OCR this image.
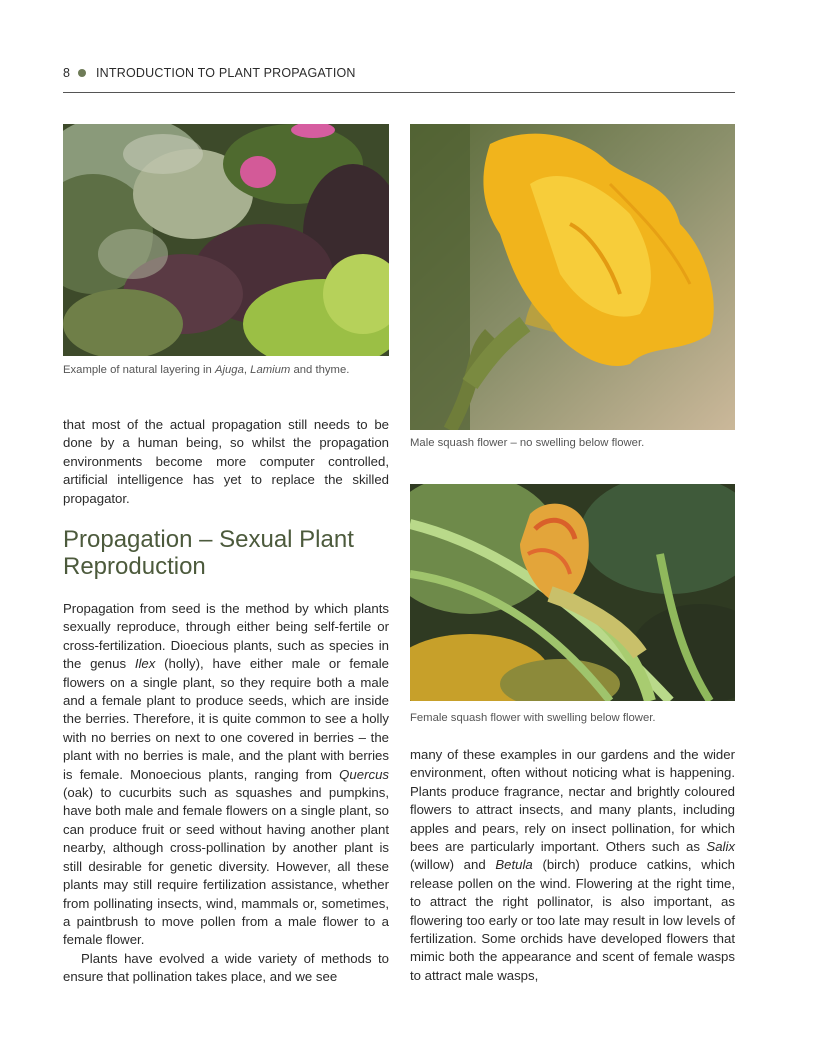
8 INTRODUCTION TO PLANT PROPAGATION
Example of natural layering in Ajuga, Lamium and thyme.
Male squash flower – no swelling below flower.

that most of the actual propagation still needs to be done by a human being, so whilst the propagation environments become more computer controlled, artificial intelligence has yet to replace the skilled propagator.

Propagation – Sexual Plant Reproduction
Female squash flower with swelling below flower.

Propagation from seed is the method by which plants sexually reproduce, through either being self-fertile or cross-fertilization. Dioecious plants, such as species in the genus Ilex (holly), have either male or female flowers on a single plant, so they require both a male and a female plant to produce seeds, which are inside the berries. Therefore, it is quite common to see a holly with no berries on next to one covered in berries – the plant with no berries is male, and the plant with berries is female. Monoecious plants, ranging from Quercus (oak) to cucurbits such as squashes and pumpkins, have both male and female flowers on a single plant, so can produce fruit or seed without having another plant nearby, although cross-pollination by another plant is still desirable for genetic diversity. However, all these plants may still require fertilization assistance, whether from pollinating insects, wind, mammals or, sometimes, a paintbrush to move pollen from a male flower to a female flower.

Plants have evolved a wide variety of methods to ensure that pollination takes place, and we see

many of these examples in our gardens and the wider environment, often without noticing what is happening. Plants produce fragrance, nectar and brightly coloured flowers to attract insects, and many plants, including apples and pears, rely on insect pollination, for which bees are particularly important. Others such as Salix (willow) and Betula (birch) produce catkins, which release pollen on the wind. Flowering at the right time, to attract the right pollinator, is also important, as flowering too early or too late may result in low levels of fertilization. Some orchids have developed flowers that mimic both the appearance and scent of female wasps to attract male wasps,
